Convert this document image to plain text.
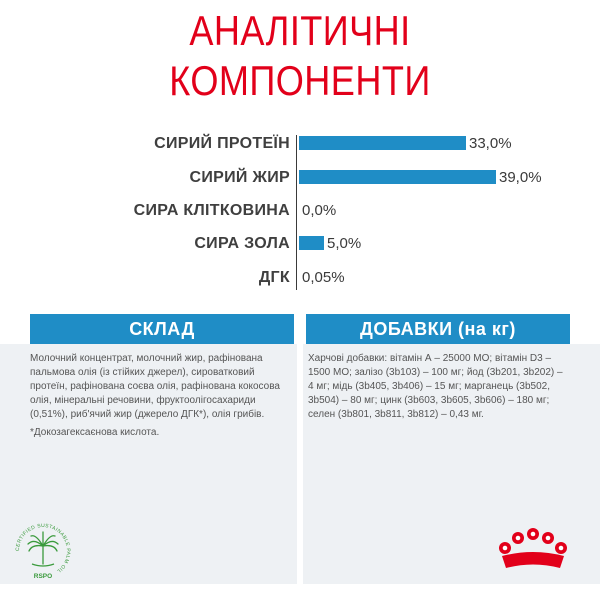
АНАЛІТИЧНІ
КОМПОНЕНТИ
СИРИЙ ПРОТЕЇН	33,0%
СИРИЙ ЖИР	39,0%
СИРА КЛІТКОВИНА 0,0%
СИРА ЗОЛА 5,0%
ДГК 0,05%
СКЛАД

Молочний концентрат, молочний жир, рафінована пальмова олія (із стійких джерел), сироватковий протеїн, рафінована соєва олія, рафінована кокосова олія, мінеральні речовини, фруктоолігосахариди (0,51%), риб'ячий жир (джерело ДГК*), олія грибів.

*Докозагексаєнова кислота.

ДОБАВКИ (на кг)

Харчові добавки: вітамін А – 25000 МО; вітамін D3 – 1500 МО; залізо (3b103) – 100 мг; йод (3b201, 3b202) – 4 мг; мідь (3b405, 3b406) – 15 мг; марганець (3b502, 3b504) – 80 мг; цинк (3b603, 3b605, 3b606) – 180 мг; селен (3b801, 3b811, 3b812) – 0,43 мг.

CERTIFIED SUSTAINABLE PALM OIL
RSPO
